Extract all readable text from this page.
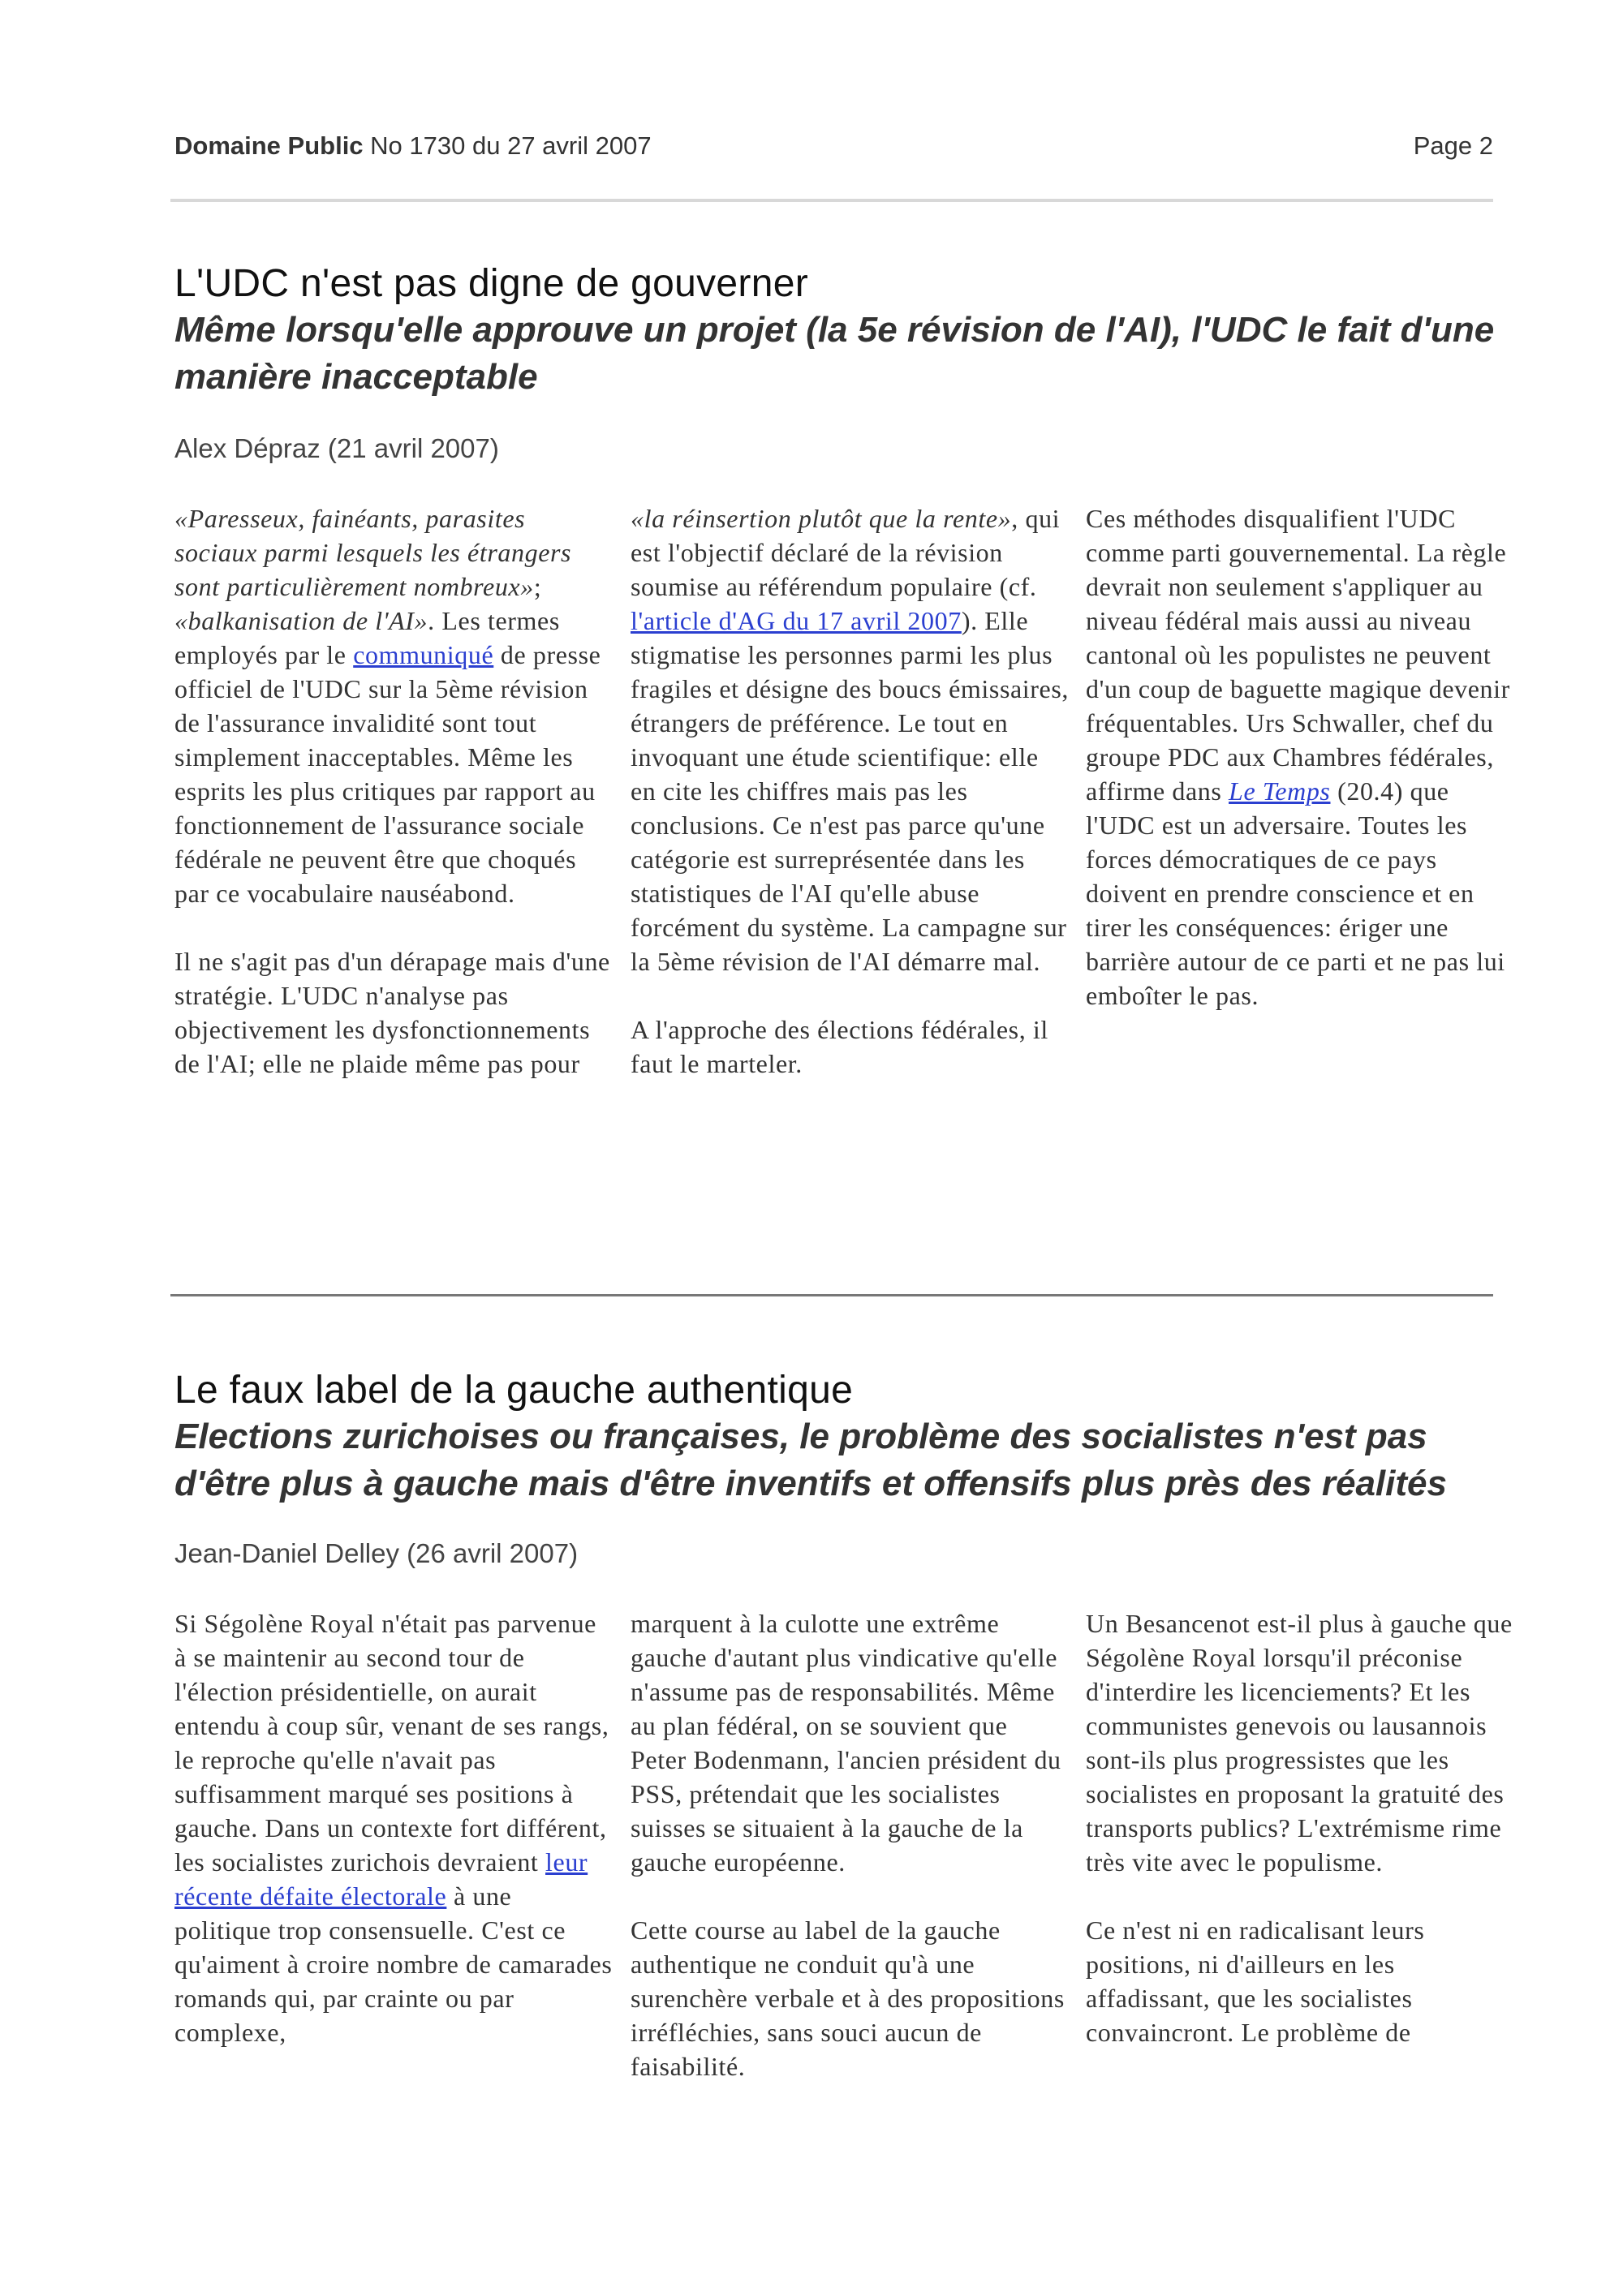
Domaine Public No 1730 du 27 avril 2007	Page 2
L'UDC n'est pas digne de gouverner
Même lorsqu'elle approuve un projet (la 5e révision de l'AI), l'UDC le fait d'une manière inacceptable
Alex Dépraz (21 avril 2007)

«Paresseux, fainéants, parasites sociaux parmi lesquels les étrangers sont particulièrement nombreux»; «balkanisation de l'AI». Les termes employés par le communiqué de presse officiel de l'UDC sur la 5ème révision de l'assurance invalidité sont tout simplement inacceptables. Même les esprits les plus critiques par rapport au fonctionnement de l'assurance sociale fédérale ne peuvent être que choqués par ce vocabulaire nauséabond.

Il ne s'agit pas d'un dérapage mais d'une stratégie. L'UDC n'analyse pas objectivement les dysfonctionnements de l'AI; elle ne plaide même pas pour

«la réinsertion plutôt que la rente», qui est l'objectif déclaré de la révision soumise au référendum populaire (cf. l'article d'AG du 17 avril 2007). Elle stigmatise les personnes parmi les plus fragiles et désigne des boucs émissaires, étrangers de préférence. Le tout en invoquant une étude scientifique: elle en cite les chiffres mais pas les conclusions. Ce n'est pas parce qu'une catégorie est surreprésentée dans les statistiques de l'AI qu'elle abuse forcément du système. La campagne sur la 5ème révision de l'AI démarre mal.

A l'approche des élections fédérales, il faut le marteler.

Ces méthodes disqualifient l'UDC comme parti gouvernemental. La règle devrait non seulement s'appliquer au niveau fédéral mais aussi au niveau cantonal où les populistes ne peuvent d'un coup de baguette magique devenir fréquentables. Urs Schwaller, chef du groupe PDC aux Chambres fédérales, affirme dans Le Temps (20.4) que l'UDC est un adversaire. Toutes les forces démocratiques de ce pays doivent en prendre conscience et en tirer les conséquences: ériger une barrière autour de ce parti et ne pas lui emboîter le pas.

Le faux label de la gauche authentique
Elections zurichoises ou françaises, le problème des socialistes n'est pas d'être plus à gauche mais d'être inventifs et offensifs plus près des réalités
Jean-Daniel Delley (26 avril 2007)

Si Ségolène Royal n'était pas parvenue à se maintenir au second tour de l'élection présidentielle, on aurait entendu à coup sûr, venant de ses rangs, le reproche qu'elle n'avait pas suffisamment marqué ses positions à gauche. Dans un contexte fort différent, les socialistes zurichois devraient leur récente défaite électorale à une politique trop consensuelle. C'est ce qu'aiment à croire nombre de camarades romands qui, par crainte ou par complexe,

marquent à la culotte une extrême gauche d'autant plus vindicative qu'elle n'assume pas de responsabilités. Même au plan fédéral, on se souvient que Peter Bodenmann, l'ancien président du PSS, prétendait que les socialistes suisses se situaient à la gauche de la gauche européenne.

Cette course au label de la gauche authentique ne conduit qu'à une surenchère verbale et à des propositions irréfléchies, sans souci aucun de faisabilité.

Un Besancenot est-il plus à gauche que Ségolène Royal lorsqu'il préconise d'interdire les licenciements? Et les communistes genevois ou lausannois sont-ils plus progressistes que les socialistes en proposant la gratuité des transports publics? L'extrémisme rime très vite avec le populisme.

Ce n'est ni en radicalisant leurs positions, ni d'ailleurs en les affadissant, que les socialistes convaincront. Le problème de
